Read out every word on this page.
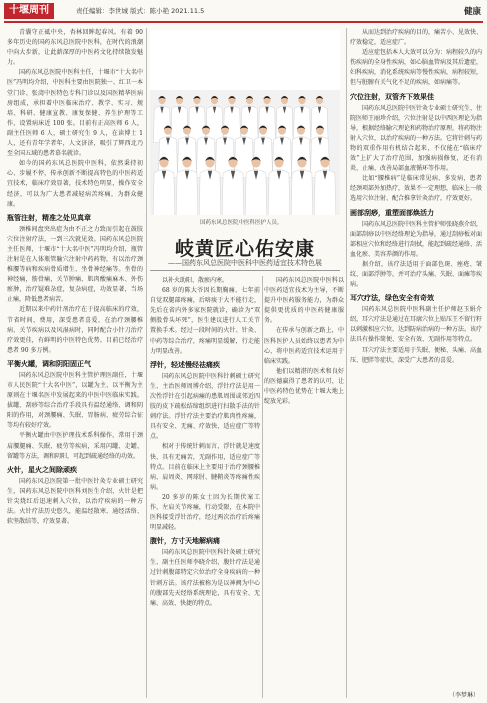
十堰周刊	责任编辑：李世城 版式：陈小艳 2021.11.5	健康
国药东风总医院中医科医护人员。
岐黄匠心佑安康
——国药东风总医院中医科中医药适宜技术特色展

青囊守正砥中央，杏林回眸起春风。有着 90 多年历史的国药东风总医院中医科，在时代的浪潮中向大步新，让此薪深厚的中医药文化持续散发魅力。

国药东风总医院中医科主任，十堰市“十大名中医”冯明均介绍，中医科主要由医院独一、红卫一本堂门诊、张湾中医特色专科门诊以及国医精华医病房组成，承担着中医临床治疗、教学、实习、规培、科研、健康宣教、康复保健、养生护理等工作，设置病床近 100 张。目前有正高医师 6 人，副主任医师 6 人，硕士研究生 9 人，在读博士 1 人，还有青年学者年，人文济济，吸引了辉西北乃至全国五域的患者慕名就诊。

如今的国药东风总医院中医科，依然秉持初心、步履不停，传承创新不断提高特色的中医药适宜技术，临床疗效显著，技术特色明显，操作安全经济，可以为广大患者减轻病苦疼痛，为群众健康。

瓶管注射，精准之处见真章

颈椎间盘突出症为由不正之力致而引起在鼓肢穴位注射疗法，一到三次就见效。国药东风总医院主任医师，十堰市“十大名中医”冯明均介绍，瓶管注射是在人体瓶管腧穴注射中药药物，有以治疗颈椎腰等病和疾病骨质增生、坐骨神经痛等。坐骨的神经痛，筋骨痛，关节肿痛、肌肉酸痛麻木、外伤瘀肿，治疗疑难杂症，复杂病症，功效显著，当场止痛，降低患者病苦。

近期以来中药针剂治疗在于提高临床的疗效，节省时间、费用，深受患者喜爱，在治疗颈腰椎病、关节疾病以及风湿病时，同时配合小针刀治疗疗效更佳，有鲜明的中医特色优势。目前已经治疗患者 90 多万例。

平衡火罐，调和阴阳固正气

国药东风总医院中医科主管护理医副任，十堰市人民医院“十大名中医”，以罐为主、以平衡为主原则在十堰名医中发展起来的中医中医临床实践。拔罐、刮痧等综合治疗手段具有温经通络、调和阴阳的作用，对颈腰痛、失眠、胃肠病、疲劳综合征等均有较好疗效。

平衡火罐由中医护理技术系科操作，常用于颈肩腰腿痛、失眠、疲劳等疾病，采用闪罐、走罐、留罐等方法，调和阴阳，可起到疏通经络的功效。

火针，星火之间除顽疾

国药东风总医院第一批中医针灸专业硕士研究生，国药东风总医院中医科刘医生介绍，火针是把针尖烧红后迅速刺入穴位，以治疗疾病的一种方法。火针疗法历史悠久，能温经散寒、通经活络、软坚散结等，疗效显著。

以补火助阳、散瘀内寒。

68 岁的陈大爷因长期胸痛、七年前自觉双腿部疼痛，后咯痰于大不能行走，先后在省内外多家医院就诊，确诊为“双侧股骨头坏死”，医生建议进行人工关节置换手术。经过一段时间的火针、针灸、中药等综合治疗，疼痛明显缓解，行走能力明显改善。

浮针，轻述慢经祛痛疾

国药东风总医院中医科针刺硕士研究生、主治医师周博介绍，浮针疗法是用一次性浮针在引起病痛的患肌周围或邻近四肢的皮下疏松结缔组织进行扫散手法的针刺疗法。浮针疗法主要治疗肌肉性疼痛，具有安全、无痛、疗效快、适应症广等特点。

相对于传统针刺而言，浮针就是速度快、具有无痛苦，无副作用，适应症广等特点。目前在临床上主要用于治疗颈腰椎病、肩周炎、网球肘、腱鞘炎等疼痛性疾病。

20 多岁的陈女士因为长期伏案工作，左肩关节疼痛，行动受限，在本院中医科接受浮针治疗，经过两次治疗后疼痛明显减轻。

腹针，方寸天地解病痛

国药东风总医院中医科针灸硕士研究生、副主任医师李晓介绍，腹针疗法是通过针刺腹部特定穴位治疗全身疾病的一种针刺方法。该疗法被称为是以神阙为中心的腹部先天经络系统理论，具有安全、无痛、高效、快捷的特点。

国药东风总医院中医科以中医药适宜技术为主导，不断提升中医药服务能力，为群众提供更优质的中医药健康服务。

在传承与创新之路上，中医科医护人员始终以患者为中心，将中医药适宜技术运用于临床实践。

他们以精湛的医术和良好的医德赢得了患者的认可，让中医药特色优势在十堰大地上绽放光彩。

从而达到治疗疾病的目的，痛苦小、见效快、疗效稳定，适应症广。

适应症包括本人大效可以分为：病程较久的内伤疾病的全身性疾病，如心脑血管病及其后遗症，妇科疾病，消化系统疾病等慢性疾病，病程较短，但与脏腑有关气化不足的疾病，如病痛等。

穴位注射，双管齐下效果佳

国药东风总医院中医针灸专业硕士研究生、住院医师王丽珍介绍，穴位注射是以中西医理论为指导，根据经络腧穴理论和药物治疗原理，将药物注射入穴位，以治疗疾病的一种方法。它将针刺与药物的双重作用有机结合起来，不仅能在“临床疗效”上扩大了治疗范围，加强病损修复，还有消炎、止痛、改善局部血液循环等作用。

比如“腰椎病”是临床常见病、多发病，患者经颈项部外加热疗，效果不一定理想，临床上一般选用穴位注射、配合推拿针灸治疗，疗效更好。

画部刮痧，重塑面部焕活力

国药东风总医院中医科主管护师张晓燕介绍，面部刮痧以中医经络理论为指导，通过刮痧板对面部相应穴位和经络进行刮拭，能起到疏经通络、活血化瘀、美容养颜的作用。

据介绍，该疗法适用于面部色斑、痤疮、皱纹、面部浮肿等，并可治疗头痛、失眠、面瘫等疾病。

耳穴疗法，绿色安全有奇效

国药东风总医院中医科副主任护师赵玉娟介绍，耳穴疗法是通过在耳廓穴位上贴压王不留行籽以刺激相应穴位，达到防病治病的一种方法。该疗法具有操作简便、安全有效、无副作用等特点。

耳穴疗法主要适用于失眠、便秘、头痛、高血压、肥胖等症状，深受广大患者的喜爱。

（李梦琳）
